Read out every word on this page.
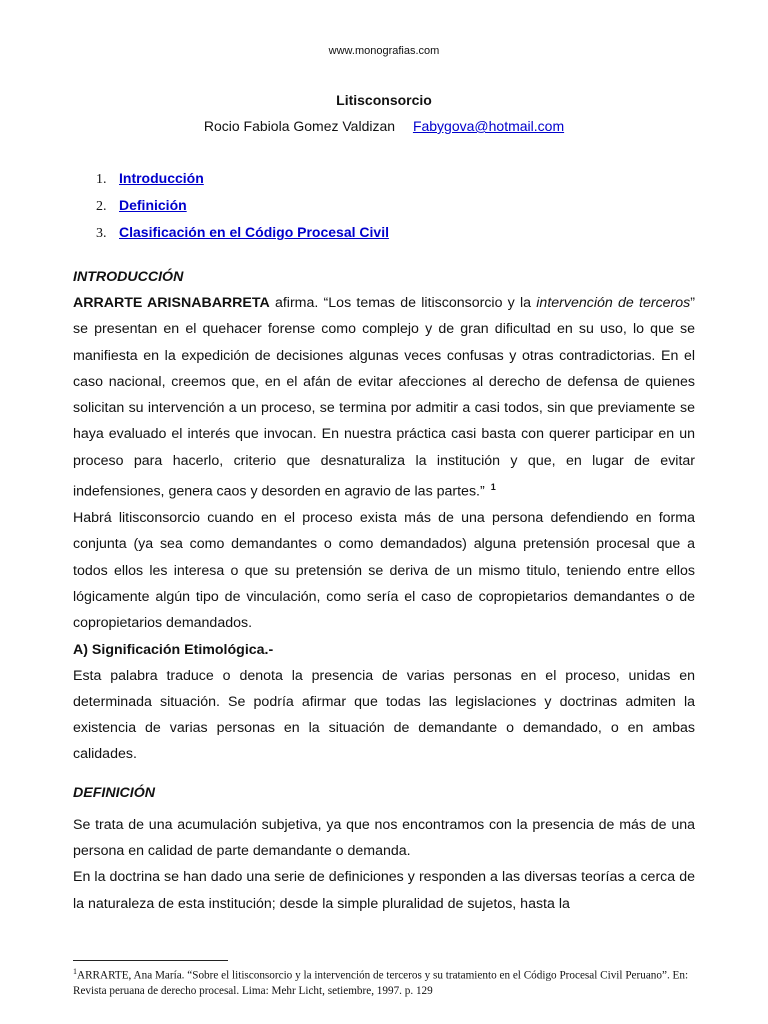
www.monografias.com
Litisconsorcio
Rocio Fabiola Gomez Valdizan Fabygova@hotmail.com
1. Introducción
2. Definición
3. Clasificación en el Código Procesal Civil

INTRODUCCIÓN

ARRARTE ARISNABARRETA afirma. “Los temas de litisconsorcio y la intervención de terceros” se presentan en el quehacer forense como complejo y de gran dificultad en su uso, lo que se manifiesta en la expedición de decisiones algunas veces confusas y otras contradictorias. En el caso nacional, creemos que, en el afán de evitar afecciones al derecho de defensa de quienes solicitan su intervención a un proceso, se termina por admitir a casi todos, sin que previamente se haya evaluado el interés que invocan. En nuestra práctica casi basta con querer participar en un proceso para hacerlo, criterio que desnaturaliza la institución y que, en lugar de evitar indefensiones, genera caos y desorden en agravio de las partes.” $^1$

Habrá litisconsorcio cuando en el proceso exista más de una persona defendiendo en forma conjunta (ya sea como demandantes o como demandados) alguna pretensión procesal que a todos ellos les interesa o que su pretensión se deriva de un mismo titulo, teniendo entre ellos lógicamente algún tipo de vinculación, como sería el caso de copropietarios demandantes o de copropietarios demandados.

A) Significación Etimológica.-

Esta palabra traduce o denota la presencia de varias personas en el proceso, unidas en determinada situación. Se podría afirmar que todas las legislaciones y doctrinas admiten la existencia de varias personas en la situación de demandante o demandado, o en ambas calidades.

DEFINICIÓN

Se trata de una acumulación subjetiva, ya que nos encontramos con la presencia de más de una persona en calidad de parte demandante o demanda.

En la doctrina se han dado una serie de definiciones y responden a las diversas teorías a cerca de la naturaleza de esta institución; desde la simple pluralidad de sujetos, hasta la

$^1$ARRARTE, Ana María. “Sobre el litisconsorcio y la intervención de terceros y su tratamiento en el Código Procesal Civil Peruano”. En: Revista peruana de derecho procesal. Lima: Mehr Licht, setiembre, 1997. p. 129
